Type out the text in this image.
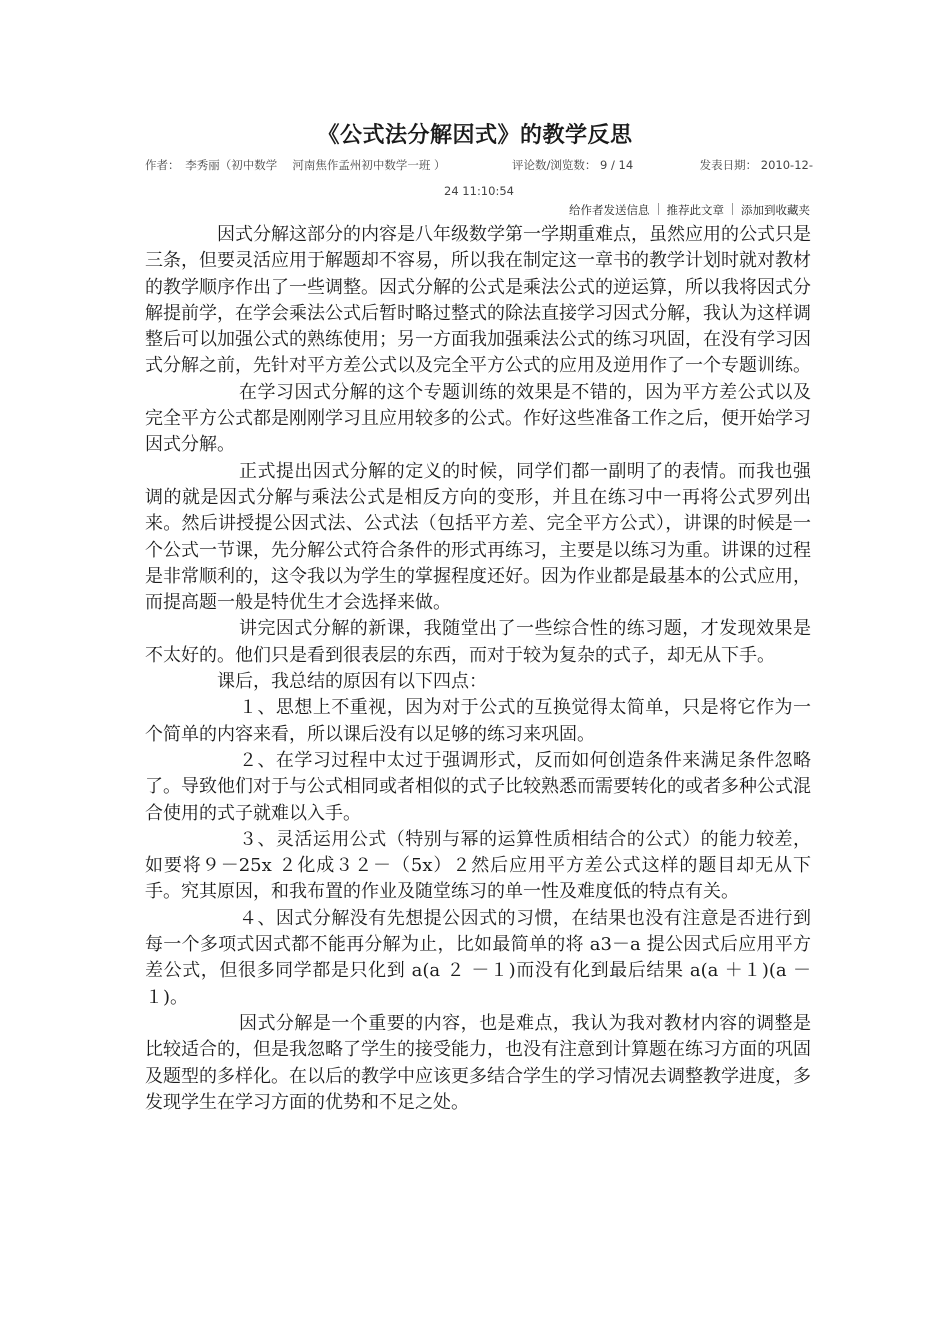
《公式法分解因式》的教学反思
作者：　李秀丽（初中数学　 河南焦作孟州初中数学一班 ）	评论数/浏览数： 9 / 14	发表日期： 2010-12-
24 11:10:54
给作者发送信息 推荐此文章 添加到收藏夹

因式分解这部分的内容是八年级数学第一学期重难点，虽然应用的公式只是三条，但要灵活应用于解题却不容易，所以我在制定这一章书的教学计划时就对教材的教学顺序作出了一些调整。因式分解的公式是乘法公式的逆运算，所以我将因式分解提前学，在学会乘法公式后暂时略过整式的除法直接学习因式分解，我认为这样调整后可以加强公式的熟练使用；另一方面我加强乘法公式的练习巩固，在没有学习因式分解之前，先针对平方差公式以及完全平方公式的应用及逆用作了一个专题训练。

在学习因式分解的这个专题训练的效果是不错的，因为平方差公式以及完全平方公式都是刚刚学习且应用较多的公式。作好这些准备工作之后，便开始学习因式分解。

正式提出因式分解的定义的时候，同学们都一副明了的表情。而我也强调的就是因式分解与乘法公式是相反方向的变形，并且在练习中一再将公式罗列出来。然后讲授提公因式法、公式法（包括平方差、完全平方公式），讲课的时候是一个公式一节课，先分解公式符合条件的形式再练习，主要是以练习为重。讲课的过程是非常顺利的，这令我以为学生的掌握程度还好。因为作业都是最基本的公式应用，而提高题一般是特优生才会选择来做。

讲完因式分解的新课，我随堂出了一些综合性的练习题，才发现效果是不太好的。他们只是看到很表层的东西，而对于较为复杂的式子，却无从下手。

课后，我总结的原因有以下四点：

１、思想上不重视，因为对于公式的互换觉得太简单，只是将它作为一个简单的内容来看，所以课后没有以足够的练习来巩固。

２、在学习过程中太过于强调形式，反而如何创造条件来满足条件忽略了。导致他们对于与公式相同或者相似的式子比较熟悉而需要转化的或者多种公式混合使用的式子就难以入手。

３、灵活运用公式（特别与幂的运算性质相结合的公式）的能力较差，如要将９－25x ２化成３２－（5x）２然后应用平方差公式这样的题目却无从下手。究其原因，和我布置的作业及随堂练习的单一性及难度低的特点有关。

４、因式分解没有先想提公因式的习惯，在结果也没有注意是否进行到每一个多项式因式都不能再分解为止，比如最简单的将 a3－a 提公因式后应用平方差公式，但很多同学都是只化到 a(a ２ －１)而没有化到最后结果 a(a ＋１)(a －１)。

因式分解是一个重要的内容，也是难点，我认为我对教材内容的调整是比较适合的，但是我忽略了学生的接受能力，也没有注意到计算题在练习方面的巩固及题型的多样化。在以后的教学中应该更多结合学生的学习情况去调整教学进度，多发现学生在学习方面的优势和不足之处。
